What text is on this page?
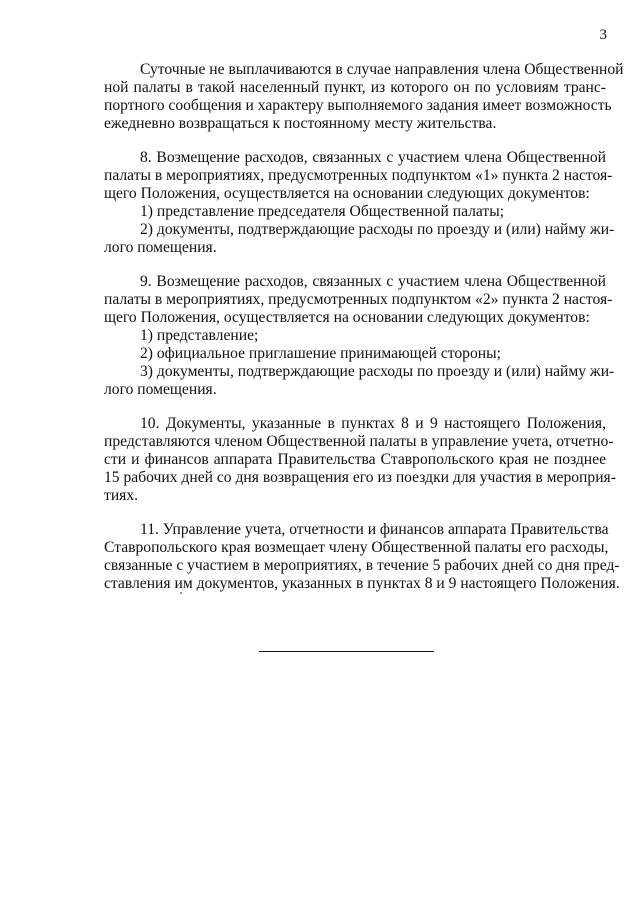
3
Суточные не выплачиваются в случае направления члена Общественной
ной палаты в такой населенный пункт, из которого он по условиям транс-
портного сообщения и характеру выполняемого задания имеет возможность
ежедневно возвращаться к постоянному месту жительства.
8. Возмещение расходов, связанных с участием члена Общественной
палаты в мероприятиях, предусмотренных подпунктом «1» пункта 2 настоя-
щего Положения, осуществляется на основании следующих документов:
1) представление председателя Общественной палаты;
2) документы, подтверждающие расходы по проезду и (или) найму жи-
лого помещения.
9. Возмещение расходов, связанных с участием члена Общественной
палаты в мероприятиях, предусмотренных подпунктом «2» пункта 2 настоя-
щего Положения, осуществляется на основании следующих документов:
1) представление;
2) официальное приглашение принимающей стороны;
3) документы, подтверждающие расходы по проезду и (или) найму жи-
лого помещения.
10. Документы, указанные в пунктах 8 и 9 настоящего Положения,
представляются членом Общественной палаты в управление учета, отчетно-
сти и финансов аппарата Правительства Ставропольского края не позднее
15 рабочих дней со дня возвращения его из поездки для участия в мероприя-
тиях.
11. Управление учета, отчетности и финансов аппарата Правительства
Ставропольского края возмещает члену Общественной палаты его расходы,
связанные с участием в мероприятиях, в течение 5 рабочих дней со дня пред-
ставления им документов, указанных в пунктах 8 и 9 настоящего Положения.
